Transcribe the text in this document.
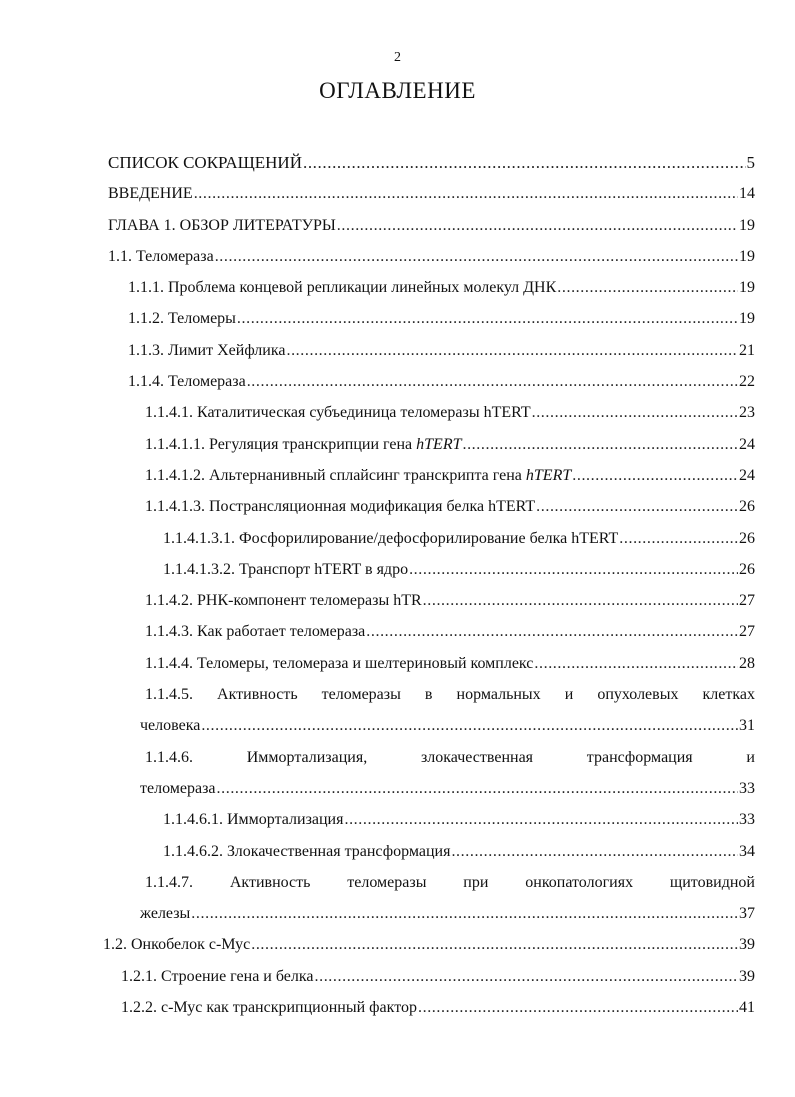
2
ОГЛАВЛЕНИЕ
СПИСОК СОКРАЩЕНИЙ .....	5
ВВЕДЕНИЕ .....	14
ГЛАВА 1. ОБЗОР ЛИТЕРАТУРЫ .....	19
1.1. Теломераза .....	19
1.1.1. Проблема концевой репликации линейных молекул ДНК .....	19
1.1.2. Теломеры .....	19
1.1.3. Лимит Хейфлика .....	21
1.1.4. Теломераза .....	22
1.1.4.1. Каталитическая субъединица теломеразы hTERT .....	23
1.1.4.1.1. Регуляция транскрипции гена hTERT .....	24
1.1.4.1.2. Альтернанивный сплайсинг транскрипта гена hTERT .....	24
1.1.4.1.3. Пострансляционная модификация белка hTERT .....	26
1.1.4.1.3.1. Фосфорилирование/дефосфорилирование белка hTERT .....	26
1.1.4.1.3.2. Транспорт hTERT в ядро .....	26
1.1.4.2. РНК-компонент теломеразы hTR .....	27
1.1.4.3. Как работает теломераза .....	27
1.1.4.4. Теломеры, теломераза и шелтериновый комплекс .....	28
1.1.4.5. Активность теломеразы в нормальных и опухолевых клетках
человека .....	31
1.1.4.6.	Иммортализация,	злокачественная	трансформация	и
теломераза .....	33
1.1.4.6.1. Иммортализация .....	33
1.1.4.6.2. Злокачественная трансформация .....	34
1.1.4.7. Активность теломеразы при онкопатологиях щитовидной
железы .....	37
1.2. Онкобелок с-Мус .....	39
1.2.1. Строение гена и белка .....	39
1.2.2. с-Мус как транскрипционный фактор .....	41
